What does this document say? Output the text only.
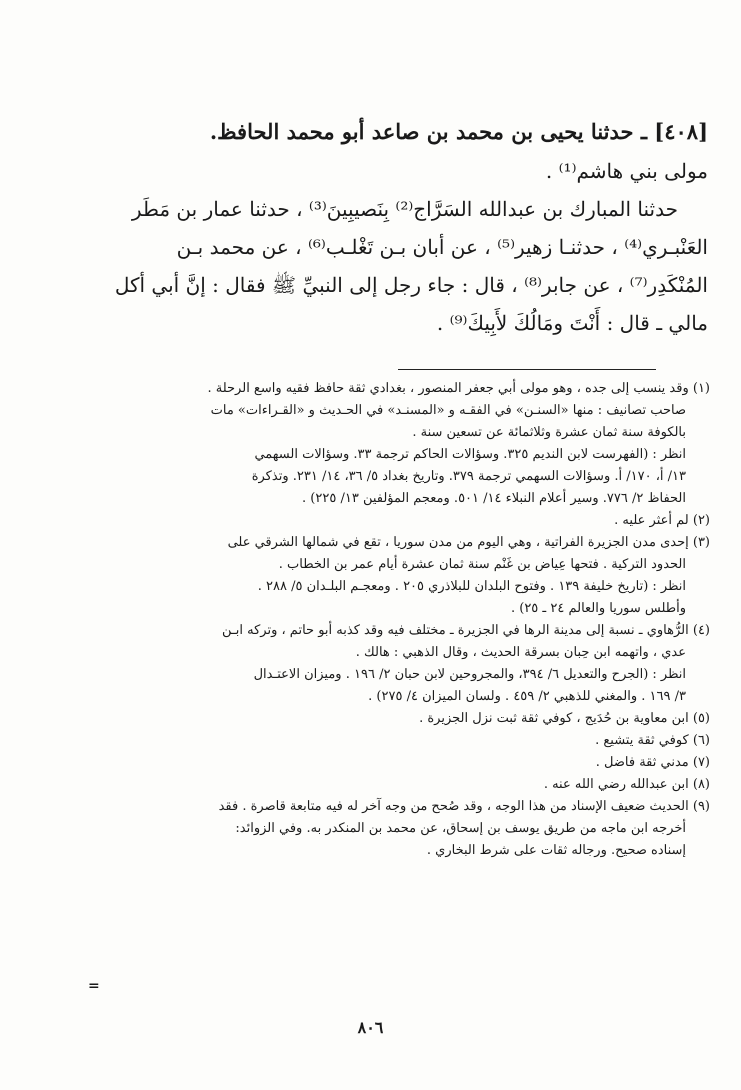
[٤٠٨] ـ حدثنا يحيى بن محمد بن صاعد أبو محمد الحافظ.

مولى بني هاشم⁽¹⁾ .

حدثنا المبارك بن عبدالله السَرَّاج⁽²⁾ بِنَصيبِينَ⁽³⁾ ، حدثنا عمار بن مَطَر

العَنْبـري⁽⁴⁾ ، حدثنـا زهير⁽⁵⁾ ، عن أبان بـن تَغْلـب⁽⁶⁾ ، عن محمد بـن

المُنْكَدِر⁽⁷⁾ ، عن جابر⁽⁸⁾ ، قال : جاء رجل إلى النبيِّ ﷺ فقال : إنَّ أبي أكل

مالي ـ قال : أَنْتَ ومَالُكَ لأَبِيكَ⁽⁹⁾ .

(١) وقد ينسب إلى جده ، وهو مولى أبي جعفر المنصور ، بغدادي ثقة حافظ فقيه واسع الرحلة .
صاحب تصانيف : منها «السنـن» في الفقـه و «المسنـد» في الحـديث و «القـراءات» مات
بالكوفة سنة ثمان عشرة وثلاثمائة عن تسعين سنة .
انظر : (الفهرست لابن النديم ٣٢٥. وسؤالات الحاكم ترجمة ٣٣. وسؤالات السهمي
١٣/ أ، ١٧٠/ أ. وسؤالات السهمي ترجمة ٣٧٩. وتاريخ بغداد ٥/ ٣٦، ١٤/ ٢٣١. وتذكرة
الحفاظ ٢/ ٧٧٦. وسير أعلام النبلاء ١٤/ ٥٠١. ومعجم المؤلفين ١٣/ ٢٢٥) .
(٢) لم أعثر عليه .
(٣) إحدى مدن الجزيرة الفراتية ، وهي اليوم من مدن سوريا ، تقع في شمالها الشرقي على
الحدود التركية . فتحها عِياض بن غَنْم سنة ثمان عشرة أيام عمر بن الخطاب .
انظر : (تاريخ خليفة ١٣٩ . وفتوح البلدان للبلاذري ٢٠٥ . ومعجـم البلـدان ٥/ ٢٨٨ .
وأطلس سوريا والعالم ٢٤ ـ ٢٥) .
(٤) الرُّهاوي ـ نسبة إلى مدينة الرها في الجزيرة ـ مختلف فيه وقد كذبه أبو حاتم ، وتركه ابـن
عدي ، واتهمه ابن حِبان بسرقة الحديث ، وقال الذهبي : هالك .
انظر : (الجرح والتعديل ٦/ ٣٩٤، والمجروحين لابن حبان ٢/ ١٩٦ . وميزان الاعتـدال
٣/ ١٦٩ . والمغني للذهبي ٢/ ٤٥٩ . ولسان الميزان ٤/ ٢٧٥) .
(٥) ابن معاوية بن حُدَيج ، كوفي ثقة ثبت نزل الجزيرة .
(٦) كوفي ثقة يتشيع .
(٧) مدني ثقة فاضل .
(٨) ابن عبدالله رضي الله عنه .
(٩) الحديث ضعيف الإسناد من هذا الوجه ، وقد صُحح من وجه آخر له فيه متابعة قاصرة . فقد
أخرجه ابن ماجه من طريق يوسف بن إسحاق، عن محمد بن المنكدر به. وفي الزوائد:
إسناده صحيح. ورجاله ثقات على شرط البخاري .
=
٨٠٦
